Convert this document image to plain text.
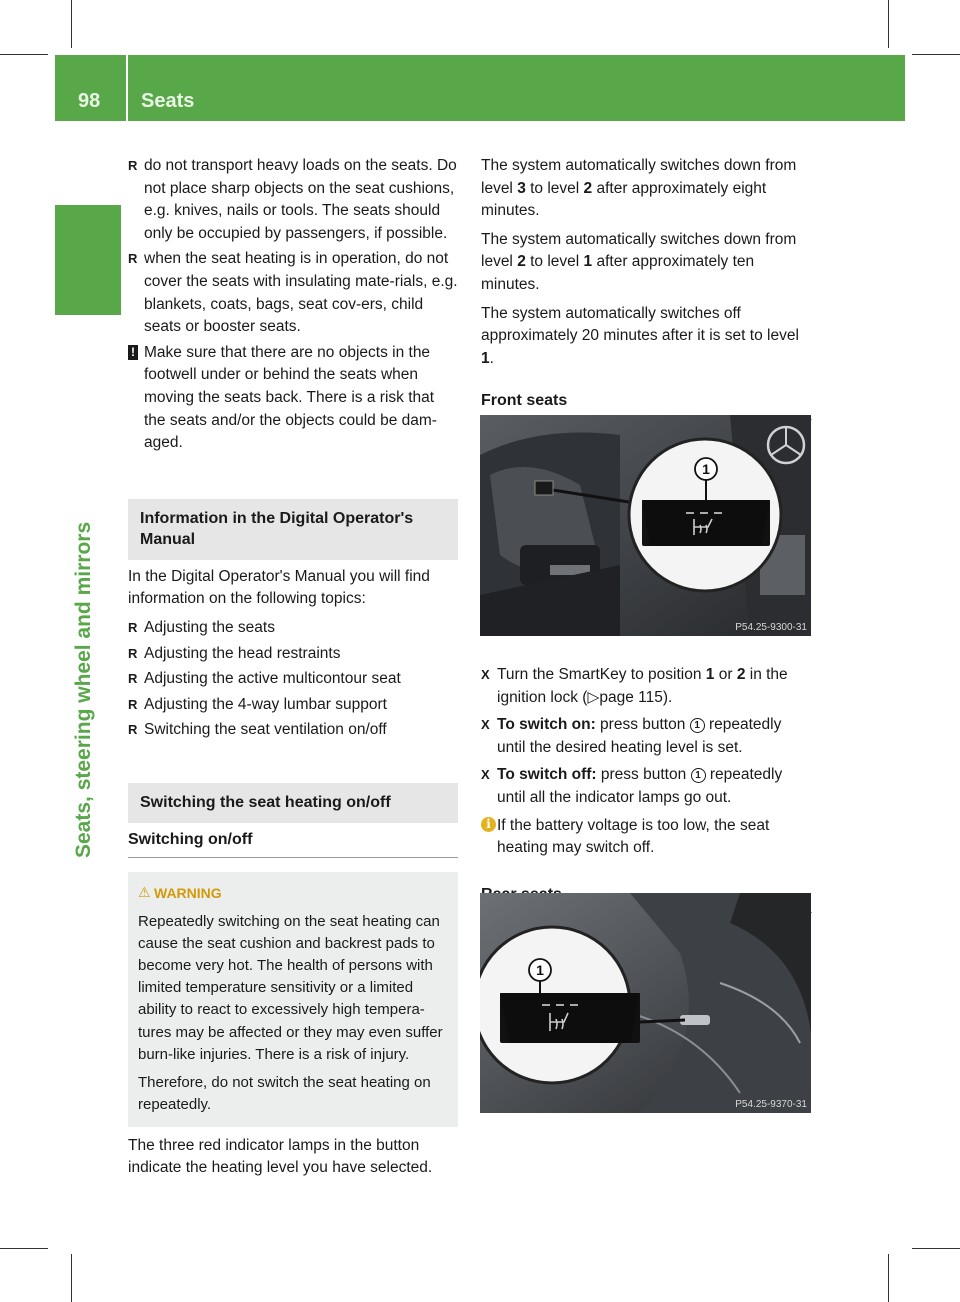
98 Seats
Seats, steering wheel and mirrors
R do not transport heavy loads on the seats. Do not place sharp objects on the seat cushions, e.g. knives, nails or tools. The seats should only be occupied by passengers, if possible.
R when the seat heating is in operation, do not cover the seats with insulating mate-rials, e.g. blankets, coats, bags, seat cov-ers, child seats or booster seats.
! Make sure that there are no objects in the footwell under or behind the seats when moving the seats back. There is a risk that the seats and/or the objects could be dam-aged.
Information in the Digital Operator's Manual

In the Digital Operator's Manual you will find information on the following topics:

R Adjusting the seats
R Adjusting the head restraints
R Adjusting the active multicontour seat
R Adjusting the 4-way lumbar support
R Switching the seat ventilation on/off
Switching the seat heating on/off
Switching on/off
⚠ WARNING

Repeatedly switching on the seat heating can cause the seat cushion and backrest pads to become very hot. The health of persons with limited temperature sensitivity or a limited ability to react to excessively high tempera-tures may be affected or they may even suffer burn-like injuries. There is a risk of injury.

Therefore, do not switch the seat heating on repeatedly.

The three red indicator lamps in the button indicate the heating level you have selected.

The system automatically switches down from level 3 to level 2 after approximately eight minutes.

The system automatically switches down from level 2 to level 1 after approximately ten minutes.

The system automatically switches off approximately 20 minutes after it is set to level 1.

Front seats
X Turn the SmartKey to position 1 or 2 in the ignition lock (▷page 115).
X To switch on: press button 1 repeatedly until the desired heating level is set.
X To switch off: press button 1 repeatedly until all the indicator lamps go out.
i If the battery voltage is too low, the seat heating may switch off.
1
P54.25-9300-31
1
P54.25-9370-31
